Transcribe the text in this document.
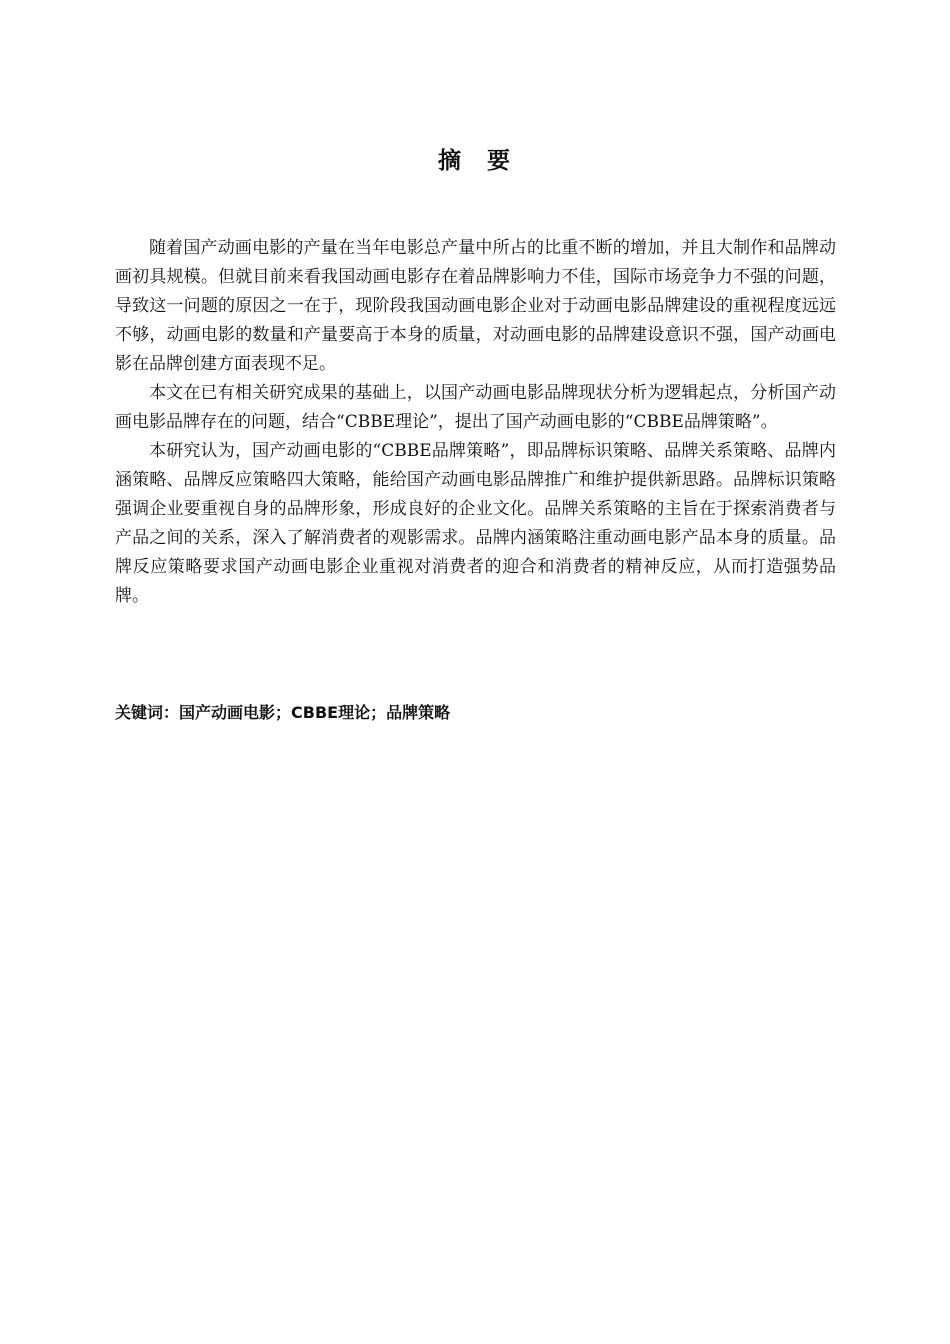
摘 要

随着国产动画电影的产量在当年电影总产量中所占的比重不断的增加，并且大制作和品牌动画初具规模。但就目前来看我国动画电影存在着品牌影响力不佳，国际市场竞争力不强的问题，导致这一问题的原因之一在于，现阶段我国动画电影企业对于动画电影品牌建设的重视程度远远不够，动画电影的数量和产量要高于本身的质量，对动画电影的品牌建设意识不强，国产动画电影在品牌创建方面表现不足。

本文在已有相关研究成果的基础上，以国产动画电影品牌现状分析为逻辑起点，分析国产动画电影品牌存在的问题，结合“CBBE理论”，提出了国产动画电影的“CBBE品牌策略”。

本研究认为，国产动画电影的“CBBE品牌策略”，即品牌标识策略、品牌关系策略、品牌内涵策略、品牌反应策略四大策略，能给国产动画电影品牌推广和维护提供新思路。品牌标识策略强调企业要重视自身的品牌形象，形成良好的企业文化。品牌关系策略的主旨在于探索消费者与产品之间的关系，深入了解消费者的观影需求。品牌内涵策略注重动画电影产品本身的质量。品牌反应策略要求国产动画电影企业重视对消费者的迎合和消费者的精神反应，从而打造强势品牌。

关键词：国产动画电影；CBBE理论；品牌策略
